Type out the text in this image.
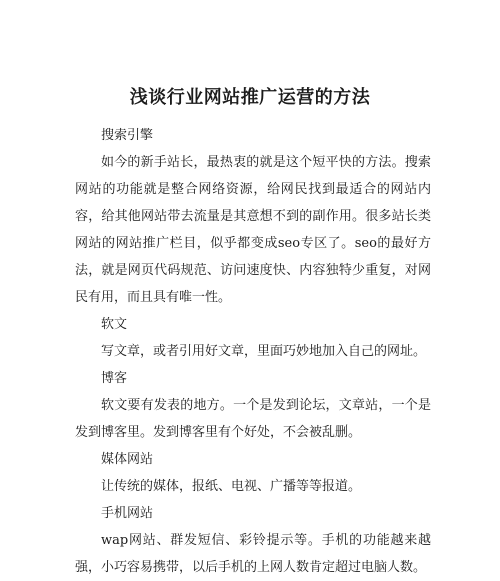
浅谈行业网站推广运营的方法

搜索引擎

如今的新手站长，最热衷的就是这个短平快的方法。搜索网站的功能就是整合网络资源，给网民找到最适合的网站内容，给其他网站带去流量是其意想不到的副作用。很多站长类网站的网站推广栏目，似乎都变成seo专区了。seo的最好方法，就是网页代码规范、访问速度快、内容独特少重复，对网民有用，而且具有唯一性。

软文

写文章，或者引用好文章，里面巧妙地加入自己的网址。

博客

软文要有发表的地方。一个是发到论坛，文章站，一个是发到博客里。发到博客里有个好处，不会被乱删。

媒体网站

让传统的媒体，报纸、电视、广播等等报道。

手机网站

wap网站、群发短信、彩铃提示等。手机的功能越来越强，小巧容易携带，以后手机的上网人数肯定超过电脑人数。
